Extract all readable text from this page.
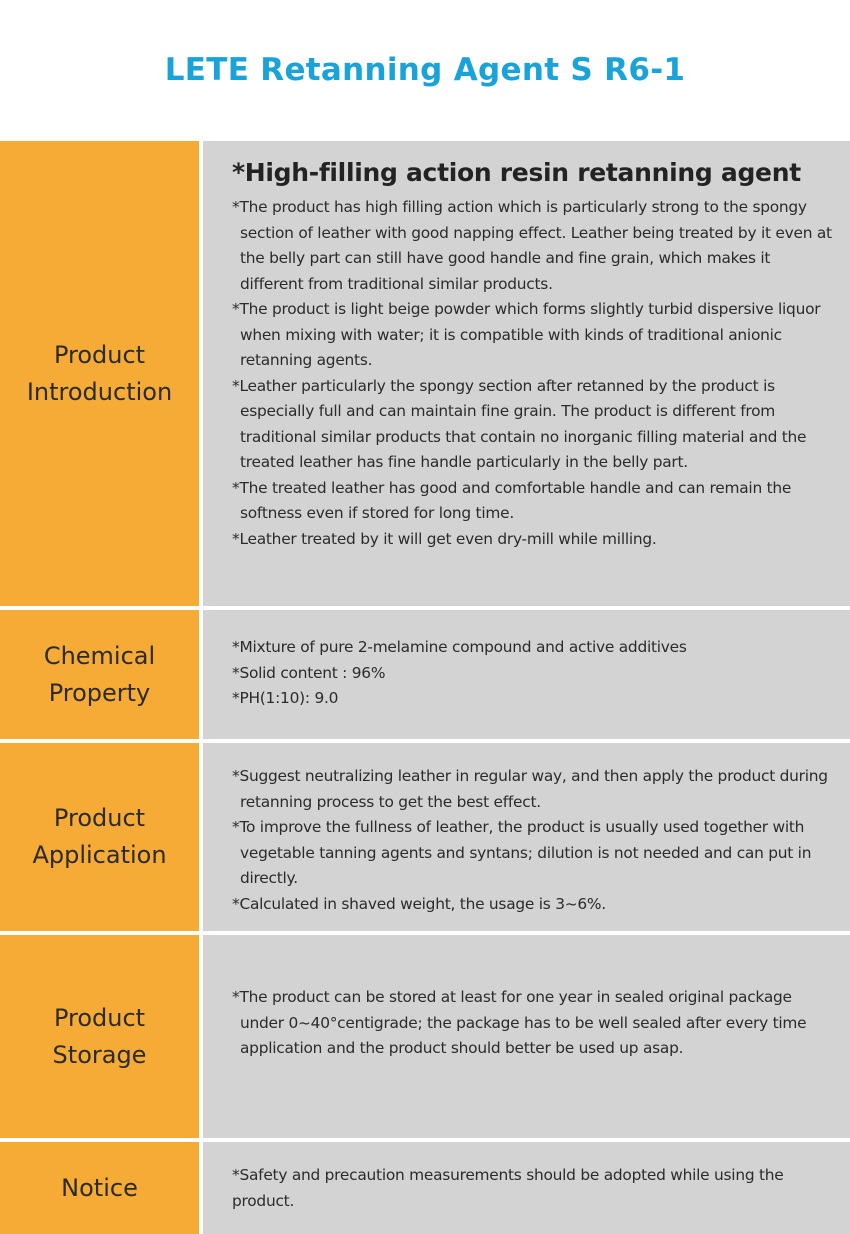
LETE Retanning Agent S R6-1
Product
Introduction

*High-filling action resin retanning agent

*The product has high filling action which is particularly strong to the spongy section of leather with good napping effect. Leather being treated by it even at the belly part can still have good handle and fine grain, which makes it different from traditional similar products.

*The product is light beige powder which forms slightly turbid dispersive liquor when mixing with water; it is compatible with kinds of traditional anionic retanning agents.

*Leather particularly the spongy section after retanned by the product is especially full and can maintain fine grain. The product is different from traditional similar products that contain no inorganic filling material and the treated leather has fine handle particularly in the belly part.

*The treated leather has good and comfortable handle and can remain the softness even if stored for long time.

*Leather treated by it will get even dry-mill while milling.

Chemical
Property

*Mixture of pure 2-melamine compound and active additives

*Solid content : 96%

*PH(1:10): 9.0

Product
Application

*Suggest neutralizing leather in regular way, and then apply the product during retanning process to get the best effect.

*To improve the fullness of leather, the product is usually used together with vegetable tanning agents and syntans; dilution is not needed and can put in directly.

*Calculated in shaved weight, the usage is 3~6%.

Product
Storage

*The product can be stored at least for one year in sealed original package under 0~40°centigrade; the package has to be well sealed after every time application and the product should better be used up asap.

Notice	*Safety and precaution measurements should be adopted while using the product.
